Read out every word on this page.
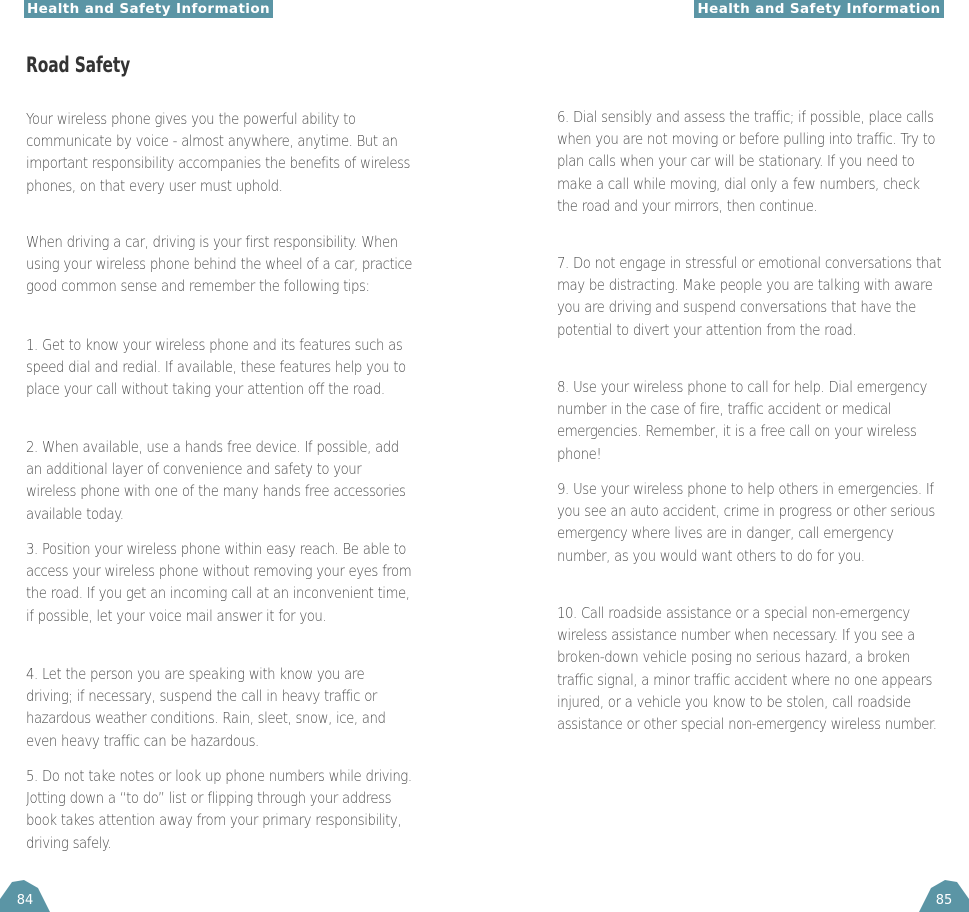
Health and Safety Information	Health and Safety Information
Road Safety

Your wireless phone gives you the powerful ability to communicate by voice - almost anywhere, anytime. But an important responsibility accompanies the benefits of wireless phones, on that every user must uphold.

When driving a car, driving is your first responsibility. When using your wireless phone behind the wheel of a car, practice good common sense and remember the following tips:

1. Get to know your wireless phone and its features such as speed dial and redial. If available, these features help you to place your call without taking your attention off the road.

2. When available, use a hands free device. If possible, add an additional layer of convenience and safety to your wireless phone with one of the many hands free accessories available today.

3. Position your wireless phone within easy reach. Be able to access your wireless phone without removing your eyes from the road. If you get an incoming call at an inconvenient time, if possible, let your voice mail answer it for you.

4. Let the person you are speaking with know you are driving; if necessary, suspend the call in heavy traffic or hazardous weather conditions. Rain, sleet, snow, ice, and even heavy traffic can be hazardous.

5. Do not take notes or look up phone numbers while driving. Jotting down a “to do” list or flipping through your address book takes attention away from your primary responsibility, driving safely.

6. Dial sensibly and assess the traffic; if possible, place calls when you are not moving or before pulling into traffic. Try to plan calls when your car will be stationary. If you need to make a call while moving, dial only a few numbers, check the road and your mirrors, then continue.

7. Do not engage in stressful or emotional conversations that may be distracting. Make people you are talking with aware you are driving and suspend conversations that have the potential to divert your attention from the road.

8. Use your wireless phone to call for help. Dial emergency number in the case of fire, traffic accident or medical emergencies. Remember, it is a free call on your wireless phone!

9. Use your wireless phone to help others in emergencies. If you see an auto accident, crime in progress or other serious emergency where lives are in danger, call emergency number, as you would want others to do for you.

10. Call roadside assistance or a special non-emergency wireless assistance number when necessary. If you see a broken-down vehicle posing no serious hazard, a broken traffic signal, a minor traffic accident where no one appears injured, or a vehicle you know to be stolen, call roadside assistance or other special non-emergency wireless number.

84	85
